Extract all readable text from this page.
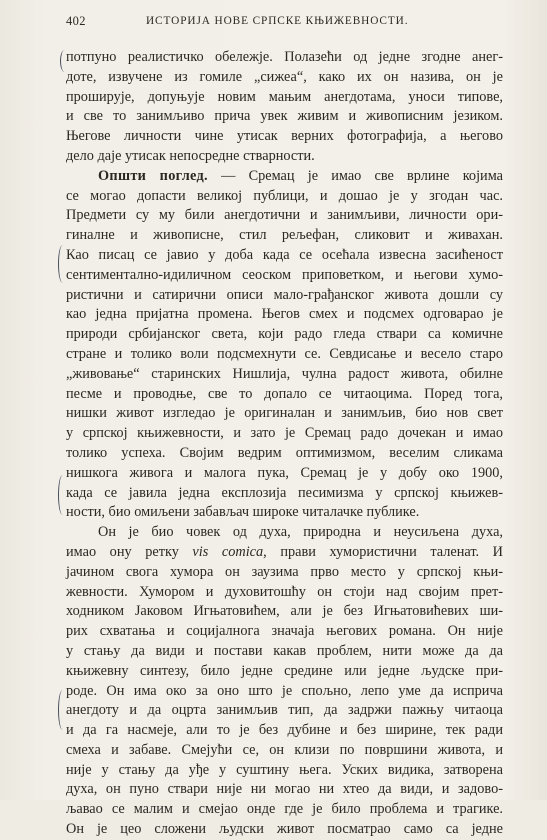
402	ИСТОРИЈА НОВЕ СРПСКЕ КЊИЖЕВНОСТИ.
потпуно реалистичко обележје. Полазећи од једне згодне анег-
доте, извучене из гомиле „сижеа“, како их он назива, он је
проширује, допуњује новим мањим анегдотама, уноси типове,
и све то занимљиво прича увек живим и живописним језиком.
Његове личности чине утисак верних фотографија, а његово
дело даје утисак непосредне стварности.
Општи поглед. — Сремац је имао све врлине којима
се могао допасти великој публици, и дошао је у згодан час.
Предмети су му били анегдотични и занимљиви, личности ори-
гиналне и живописне, стил рељефан, сликовит и живахан.
Као писац се јавио у доба када се осећала извесна засићеност
сентиментално-идиличном сеоском приповетком, и његови хумо-
ристични и сатирични описи мало-грађанског живота дошли су
као једна пријатна промена. Његов смех и подсмех одговарао је
природи србијанског света, који радо гледа ствари са комичне
стране и толико воли подсмехнути се. Севдисање и весело старо
„живовање“ старинских Нишлија, чулна радост живота, обилне
песме и проводње, све то допало се читаоцима. Поред тога,
нишки живот изгледао је оригиналан и занимљив, био нов свет
у српској књижевности, и зато је Сремац радо дочекан и имао
толико успеха. Својим ведрим оптимизмом, веселим сликама
нишкога живога и малога пука, Сремац је у добу око 1900,
када се јавила једна експлозија песимизма у српској књижев-
ности, био омиљени забављач широке читалачке публике.
Он је био човек од духа, природна и неусиљена духа,
имао ону ретку vis comica, прави хумористични таленат. И
јачином свога хумора он заузима прво место у српској књи-
жевности. Хумором и духовитошћу он стоји над својим прет-
ходником Јаковом Игњатовићем, али је без Игњатовићевих ши-
рих схватања и социјалнога значаја његових романа. Он није
у стању да види и постави какав проблем, нити може да да
књижевну синтезу, било једне средине или једне људске при-
роде. Он има око за оно што је спољно, лепо уме да исприча
анегдоту и да оцрта занимљив тип, да задржи пажњу читаоца
и да га насмеје, али то је без дубине и без ширине, тек ради
смеха и забаве. Смејући се, он клизи по површини живота, и
није у стању да уђе у суштину њега. Уских видика, затворена
духа, он пуно ствари није ни могао ни хтео да види, и задово-
љавао се малим и смејао онде где је било проблема и трагике.
Он је цео сложени људски живот посматрао само са једне
